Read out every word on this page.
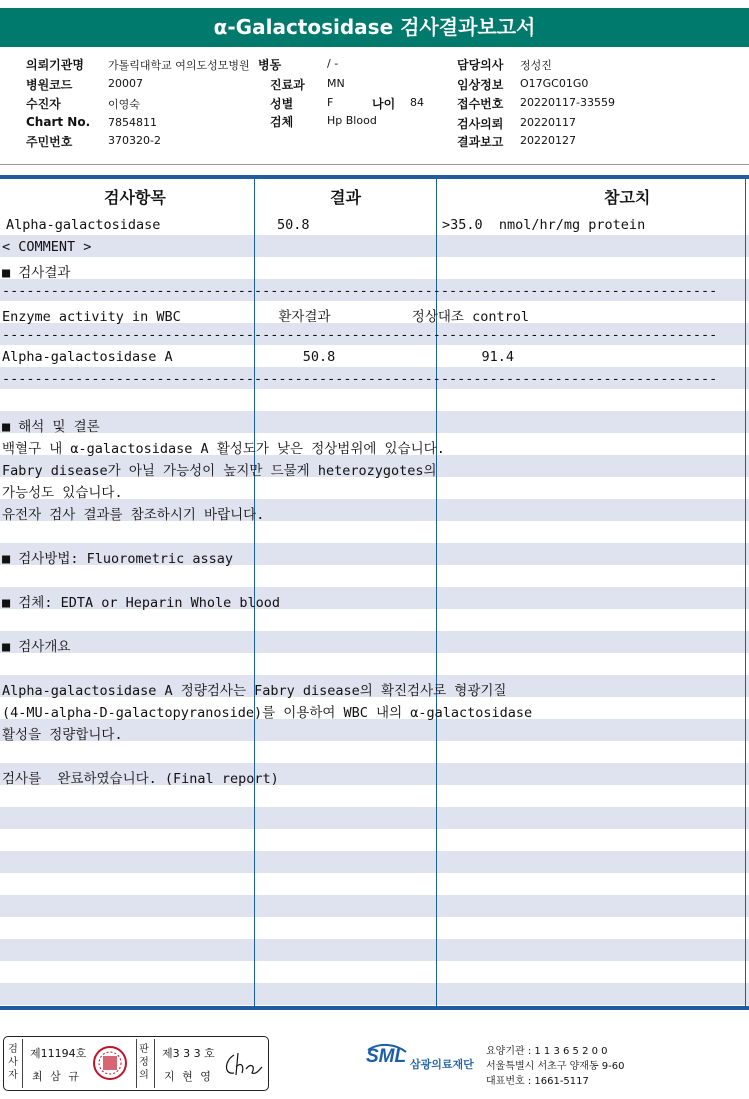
α-Galactosidase 검사결과보고서
의뢰기관명 가톨릭대학교 여의도성모병원 병동	/ -	담당의사 정성진
병원코드	20007	진료과 MN	임상정보 O17GC01G0
수진자	이영숙	성별	F	나이 84	접수번호 20220117-33559
Chart No. 7854811	검체	Hp Blood	검사의뢰 20220117
주민번호	370320-2	결과보고 20220127
검사항목	결과	참고치
Alpha-galactosidase	50.8	>35.0  nmol/hr/mg protein
< COMMENT >
■ 검사결과
----------------------------------------------------------------------------------------
Enzyme activity in WBC            환자결과          정상대조 control
----------------------------------------------------------------------------------------
Alpha-galactosidase A                50.8                  91.4
----------------------------------------------------------------------------------------
■ 해석 및 결론
백혈구 내 α-galactosidase A 활성도가 낮은 정상범위에 있습니다.
Fabry disease가 아닐 가능성이 높지만 드물게 heterozygotes의
가능성도 있습니다.
유전자 검사 결과를 참조하시기 바랍니다.
■ 검사방법: Fluorometric assay
■ 검체: EDTA or Heparin Whole blood
■ 검사개요
Alpha-galactosidase A 정량검사는 Fabry disease의 확진검사로 형광기질
(4-MU-alpha-D-galactopyranoside)를 이용하여 WBC 내의 α-galactosidase
활성을 정량합니다.
검사를  완료하였습니다. (Final report)
검사자
제11194호
최 삼 규
판정의
제3 3 3 호
지 현 영
SML 삼광의료재단
요양기관 : 1 1 3 6 5 2 0 0
서울특별시 서초구 양재동 9-60
대표번호 : 1661-5117
